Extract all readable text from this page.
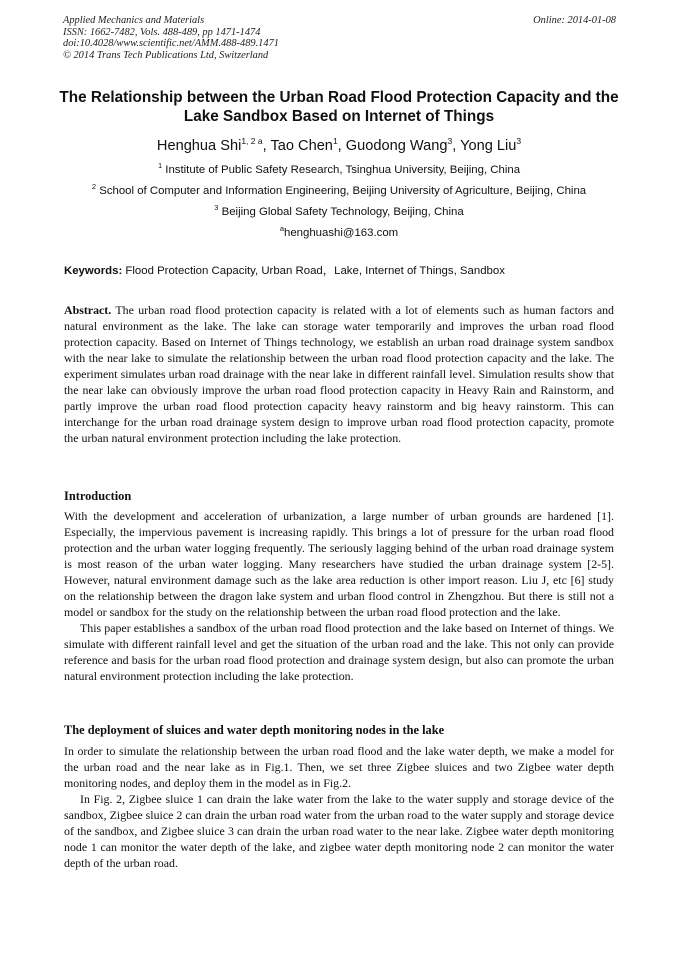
Applied Mechanics and Materials
ISSN: 1662-7482, Vols. 488-489, pp 1471-1474
doi:10.4028/www.scientific.net/AMM.488-489.1471
© 2014 Trans Tech Publications Ltd, Switzerland
Online: 2014-01-08
The Relationship between the Urban Road Flood Protection Capacity and the Lake Sandbox Based on Internet of Things
Henghua Shi$^{1, 2 a}$, Tao Chen$^1$, Guodong Wang$^3$, Yong Liu$^3$
$^1$ Institute of Public Safety Research, Tsinghua University, Beijing, China
$^2$ School of Computer and Information Engineering, Beijing University of Agriculture, Beijing, China
$^3$ Beijing Global Safety Technology, Beijing, China
$^a$henghuashi@163.com
Keywords: Flood Protection Capacity, Urban Road，Lake, Internet of Things, Sandbox

Abstract. The urban road flood protection capacity is related with a lot of elements such as human factors and natural environment as the lake. The lake can storage water temporarily and improves the urban road flood protection capacity. Based on Internet of Things technology, we establish an urban road drainage system sandbox with the near lake to simulate the relationship between the urban road flood protection capacity and the lake. The experiment simulates urban road drainage with the near lake in different rainfall level. Simulation results show that the near lake can obviously improve the urban road flood protection capacity in Heavy Rain and Rainstorm, and partly improve the urban road flood protection capacity heavy rainstorm and big heavy rainstorm. This can interchange for the urban road drainage system design to improve urban road flood protection capacity, promote the urban natural environment protection including the lake protection.

Introduction

With the development and acceleration of urbanization, a large number of urban grounds are hardened [1]. Especially, the impervious pavement is increasing rapidly. This brings a lot of pressure for the urban road flood protection and the urban water logging frequently. The seriously lagging behind of the urban road drainage system is most reason of the urban water logging. Many researchers have studied the urban drainage system [2-5]. However, natural environment damage such as the lake area reduction is other import reason. Liu J, etc [6] study on the relationship between the dragon lake system and urban flood control in Zhengzhou. But there is still not a model or sandbox for the study on the relationship between the urban road flood protection and the lake.

This paper establishes a sandbox of the urban road flood protection and the lake based on Internet of things. We simulate with different rainfall level and get the situation of the urban road and the lake. This not only can provide reference and basis for the urban road flood protection and drainage system design, but also can promote the urban natural environment protection including the lake protection.

The deployment of sluices and water depth monitoring nodes in the lake

In order to simulate the relationship between the urban road flood and the lake water depth, we make a model for the urban road and the near lake as in Fig.1. Then, we set three Zigbee sluices and two Zigbee water depth monitoring nodes, and deploy them in the model as in Fig.2.

In Fig. 2, Zigbee sluice 1 can drain the lake water from the lake to the water supply and storage device of the sandbox, Zigbee sluice 2 can drain the urban road water from the urban road to the water supply and storage device of the sandbox, and Zigbee sluice 3 can drain the urban road water to the near lake. Zigbee water depth monitoring node 1 can monitor the water depth of the lake, and zigbee water depth monitoring node 2 can monitor the water depth of the urban road.
